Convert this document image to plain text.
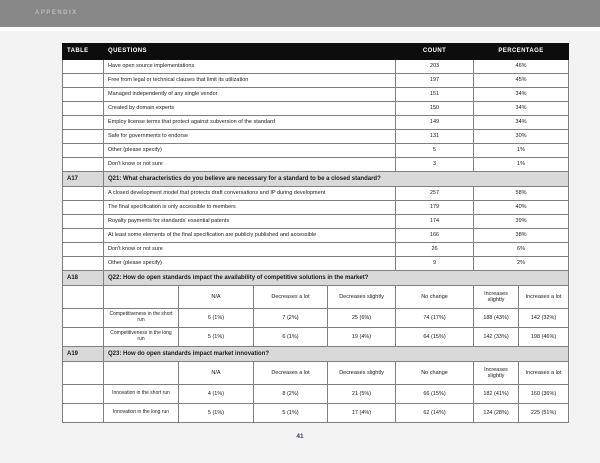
APPENDIX
TABLE	QUESTIONS				COUNT	PERCENTAGE	
	Have open source implementations				203	46%	
	Free from legal or technical clauses that limit its utilization				197	45%	
	Managed independently of any single vendor				151	34%	
	Created by domain experts				150	34%	
	Employ license terms that protect against subversion of the standard				149	34%	
	Safe for governments to endorse				131	30%	
	Other (please specify)				5	1%	
	Don't know or not sure				3	1%	
A17	Q21: What characteristics do you believe are necessary for a standard to be a closed standard?						
	A closed development model that protects draft conversations and IP during development				257	58%	
	The final specification is only accessible to members				179	40%	
	Royalty payments for standards' essential patents				174	39%	
	At least some elements of the final specification are publicly published and accessible				166	38%	
	Don't know or not sure				26	6%	
	Other (please specify)				9	2%	
A18	Q22: How do open standards impact the availability of competitive solutions in the market?						
		N/A	Decreases a lot	Decreases slightly	No change	Increases slightly	Increases a lot
	Competitiveness in the short run	6 (1%)	7 (2%)	25 (6%)	74 (17%)	188 (43%)	142 (32%)
	Competitiveness in the long run	5 (1%)	6 (1%)	19 (4%)	64 (15%)	142 (33%)	198 (46%)
A19	Q23: How do open standards impact market innovation?						
		N/A	Decreases a lot	Decreases slightly	No change	Increases slightly	Increases a lot
	Innovation in the short run	4 (1%)	8 (2%)	21 (5%)	66 (15%)	182 (41%)	160 (36%)
	Innovation in the long run	5 (1%)	5 (1%)	17 (4%)	62 (14%)	124 (28%)	225 (51%)
41
